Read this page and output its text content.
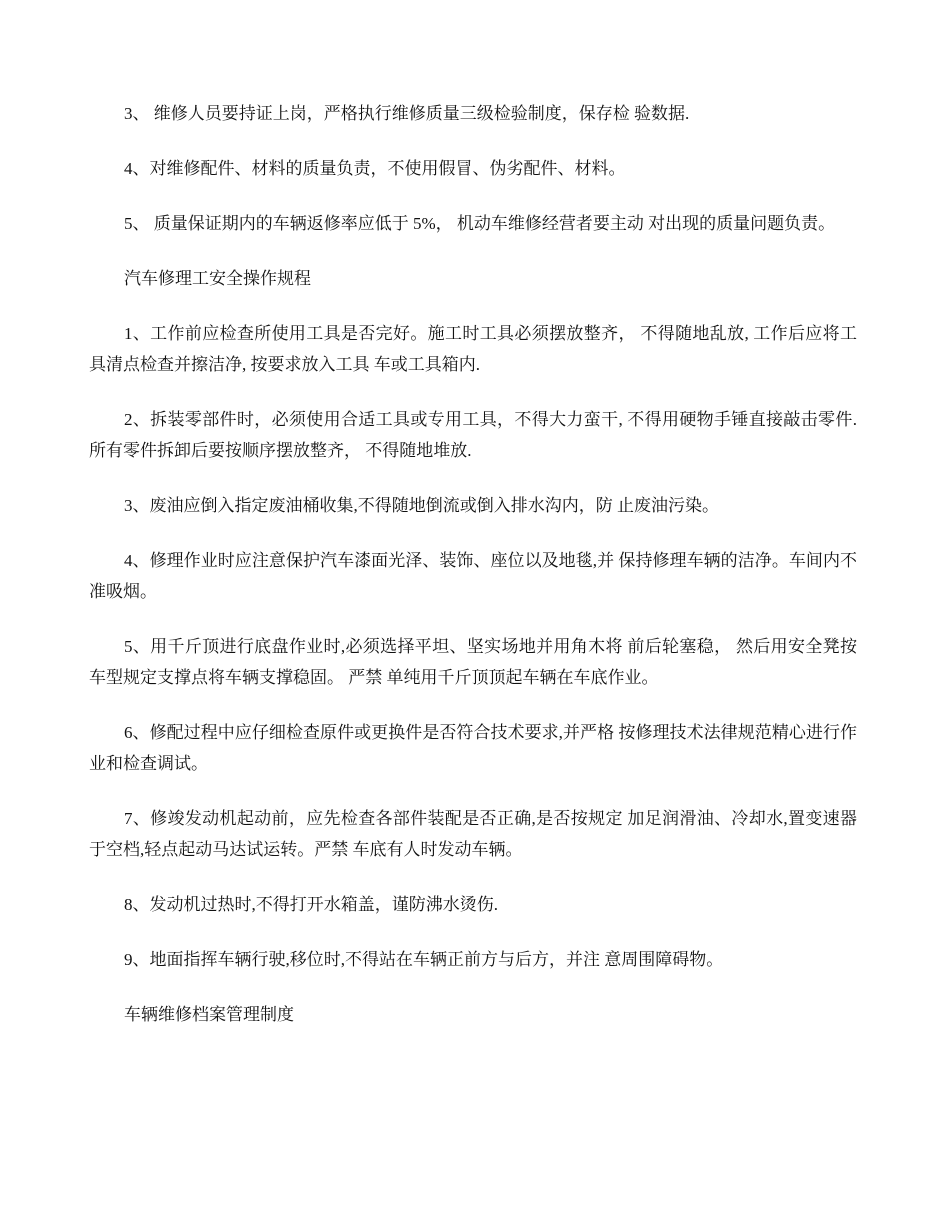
3、 维修人员要持证上岗，严格执行维修质量三级检验制度，保存检 验数据.

4、对维修配件、材料的质量负责，不使用假冒、伪劣配件、材料。

5、 质量保证期内的车辆返修率应低于 5%， 机动车维修经营者要主动 对出现的质量问题负责。

汽车修理工安全操作规程

1、工作前应检查所使用工具是否完好。施工时工具必须摆放整齐， 不得随地乱放, 工作后应将工具清点检查并擦洁净, 按要求放入工具 车或工具箱内.

2、拆装零部件时，必须使用合适工具或专用工具，不得大力蛮干, 不得用硬物手锤直接敲击零件.所有零件拆卸后要按顺序摆放整齐， 不得随地堆放.

3、废油应倒入指定废油桶收集,不得随地倒流或倒入排水沟内，防 止废油污染。

4、修理作业时应注意保护汽车漆面光泽、装饰、座位以及地毯,并 保持修理车辆的洁净。车间内不准吸烟。

5、用千斤顶进行底盘作业时,必须选择平坦、坚实场地并用角木将 前后轮塞稳， 然后用安全凳按车型规定支撑点将车辆支撑稳固。 严禁 单纯用千斤顶顶起车辆在车底作业。

6、修配过程中应仔细检查原件或更换件是否符合技术要求,并严格 按修理技术法律规范精心进行作业和检查调试。

7、修竣发动机起动前，应先检查各部件装配是否正确,是否按规定 加足润滑油、冷却水,置变速器于空档,轻点起动马达试运转。严禁 车底有人时发动车辆。

8、发动机过热时,不得打开水箱盖，谨防沸水烫伤.

9、地面指挥车辆行驶,移位时,不得站在车辆正前方与后方，并注 意周围障碍物。

车辆维修档案管理制度
